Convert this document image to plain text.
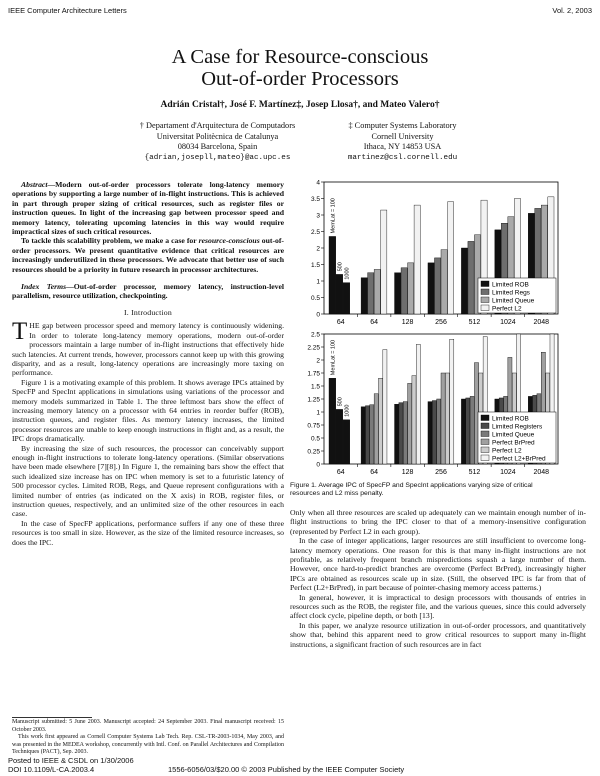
IEEE Computer Architecture Letters	Vol. 2, 2003
A Case for Resource-conscious
Out-of-order Processors
Adrián Cristal†, José F. Martínez‡, Josep Llosa†, and Mateo Valero†
† Departament d'Arquitectura de Computadors
Universitat Politècnica de Catalunya
08034 Barcelona, Spain
{adrian,josepll,mateo}@ac.upc.es
‡ Computer Systems Laboratory
Cornell University
Ithaca, NY 14853 USA
martinez@csl.cornell.edu

Abstract—Modern out-of-order processors tolerate long-latency memory operations by supporting a large number of in-flight instructions. This is achieved in part through proper sizing of critical resources, such as register files or instruction queues. In light of the increasing gap between processor speed and memory latency, tolerating upcoming latencies in this way would require impractical sizes of such critical resources.

To tackle this scalability problem, we make a case for resource-conscious out-of-order processors. We present quantitative evidence that critical resources are increasingly underutilized in these processors. We advocate that better use of such resources should be a priority in future research in processor architectures.

Index Terms—Out-of-order processor, memory latency, instruction-level parallelism, resource utilization, checkpointing.

I. Introduction

THE gap between processor speed and memory latency is continuously widening. In order to tolerate long-latency memory operations, modern out-of-order processors maintain a large number of in-flight instructions that effectively hide such latencies. At current trends, however, processors cannot keep up with this growing disparity, and as a result, long-latency operations are increasingly more taxing on performance.

Figure 1 is a motivating example of this problem. It shows average IPCs attained by SpecFP and SpecInt applications in simulations using variations of the processor and memory models summarized in Table 1. The three leftmost bars show the effect of increasing memory latency on a processor with 64 entries in reorder buffer (ROB), instruction queues, and register files. As memory latency increases, the limited processor resources are unable to keep enough instructions in flight and, as a result, the IPC drops dramatically.

By increasing the size of such resources, the processor can conceivably support enough in-flight instructions to tolerate long-latency operations. (Similar observations have been made elsewhere [7][8].) In Figure 1, the remaining bars show the effect that such idealized size increase has on IPC when memory is set to a futuristic latency of 500 processor cycles. Limited ROB, Regs, and Queue represent configurations with a limited number of entries (as indicated on the X axis) in ROB, register files, or instruction queues, respectively, and an unlimited size of the other resources in each case.

In the case of SpecFP applications, performance suffers if any one of these three resources is too small in size. However, as the size of the limited resource increases, so does the IPC.

Manuscript submitted: 5 June 2003. Manuscript accepted: 24 September 2003. Final manuscript received: 15 October 2003.
This work first appeared as Cornell Computer Systems Lab Tech. Rep. CSL-TR-2003-1034, May 2003, and was presented in the MEDEA workshop, concurrently with Intl. Conf. on Parallel Architectures and Compilation Techniques (PACT), Sep. 2003.
0
0.5
1
1.5
2
2.5
3
3.5
4
64	64	128	256	512	1024	2048
MemLat = 100
500
1000
Limited ROB
Limited Regs
Limited Queue
Perfect L2
0
0.25
0.5
0.75
1
1.25
1.5
1.75
2
2.25
2.5
64	64	128	256	512	1024	2048
MemLat = 100
500
1000
Limited ROB
Limited Registers
Limited Queue
Perfect BrPred
Perfect L2
Perfect L2+BrPred
Figure 1. Average IPC of SpecFP and SpecInt applications varying size of critical resources and L2 miss penalty.

Only when all three resources are scaled up adequately can we maintain enough number of in-flight instructions to bring the IPC closer to that of a memory-insensitive configuration (represented by Perfect L2 in each group).

In the case of integer applications, larger resources are still insufficient to overcome long-latency memory operations. One reason for this is that many in-flight instructions are not profitable, as relatively frequent branch mispredictions squash a large number of them. However, once hard-to-predict branches are overcome (Perfect BrPred), increasingly higher IPCs are obtained as resources scale up in size. (Still, the observed IPC is far from that of Perfect (L2+BrPred), in part because of pointer-chasing memory access patterns.)

In general, however, it is impractical to design processors with thousands of entries in resources such as the ROB, the register file, and the various queues, since this could adversely affect clock cycle, pipeline depth, or both [13].

In this paper, we analyze resource utilization in out-of-order processors, and quantitatively show that, behind this apparent need to grow critical resources to support many in-flight instructions, a significant fraction of such resources are in fact

Posted to IEEE & CSDL on 1/30/2006
DOI 10.1109/L-CA.2003.4	1556-6056/03/$20.00 © 2003 Published by the IEEE Computer Society
